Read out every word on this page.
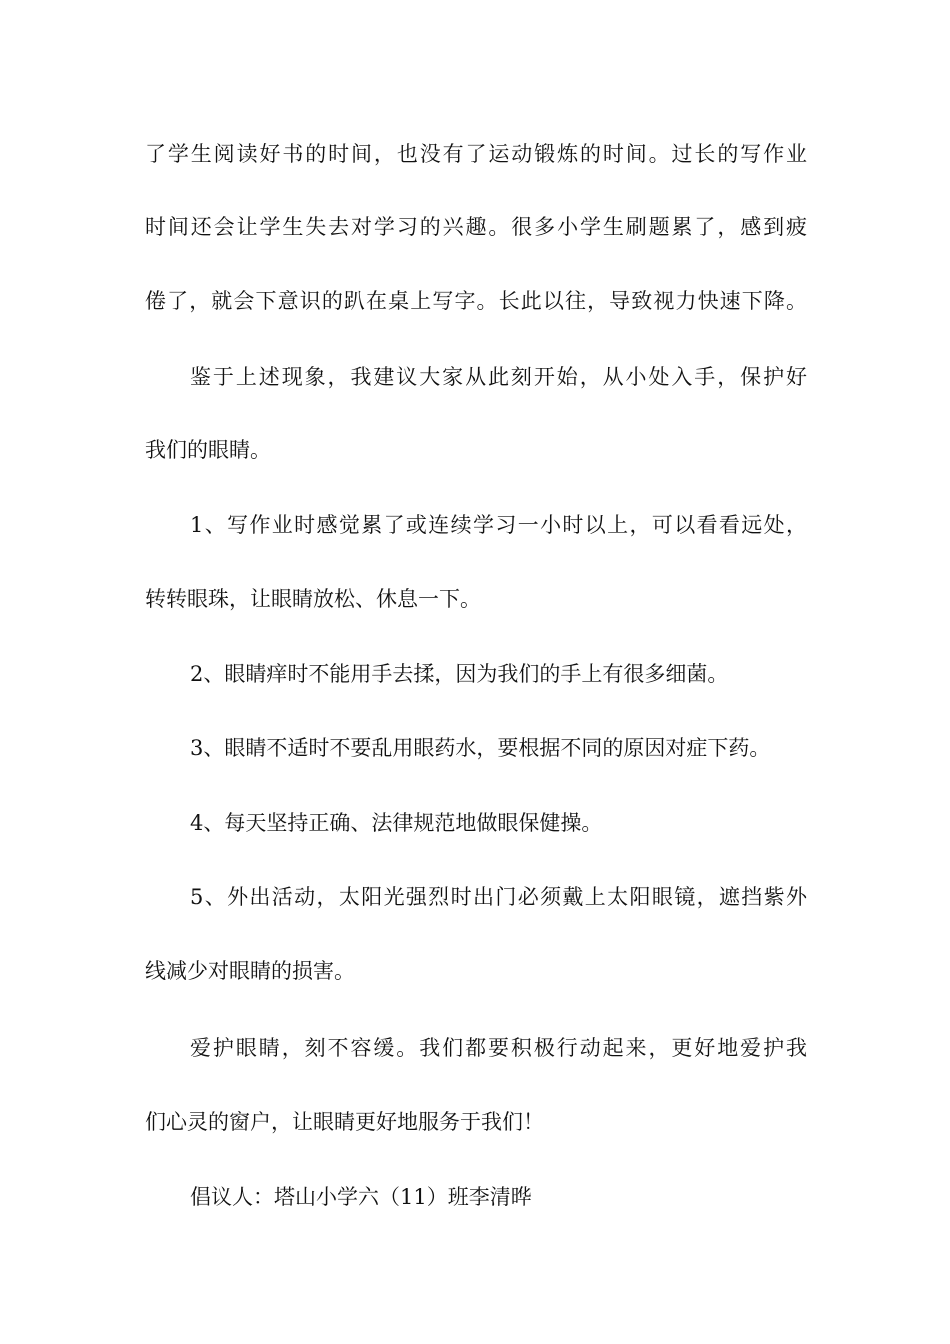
了学生阅读好书的时间，也没有了运动锻炼的时间。过长的写作业
时间还会让学生失去对学习的兴趣。很多小学生刷题累了，感到疲
倦了，就会下意识的趴在桌上写字。长此以往，导致视力快速下降。
鉴于上述现象，我建议大家从此刻开始，从小处入手，保护好
我们的眼睛。
1、写作业时感觉累了或连续学习一小时以上，可以看看远处，
转转眼珠，让眼睛放松、休息一下。
2、眼睛痒时不能用手去揉，因为我们的手上有很多细菌。
3、眼睛不适时不要乱用眼药水，要根据不同的原因对症下药。
4、每天坚持正确、法律规范地做眼保健操。
5、外出活动，太阳光强烈时出门必须戴上太阳眼镜，遮挡紫外
线减少对眼睛的损害。
爱护眼睛，刻不容缓。我们都要积极行动起来，更好地爱护我
们心灵的窗户，让眼睛更好地服务于我们！
倡议人：塔山小学六（11）班李清晔
